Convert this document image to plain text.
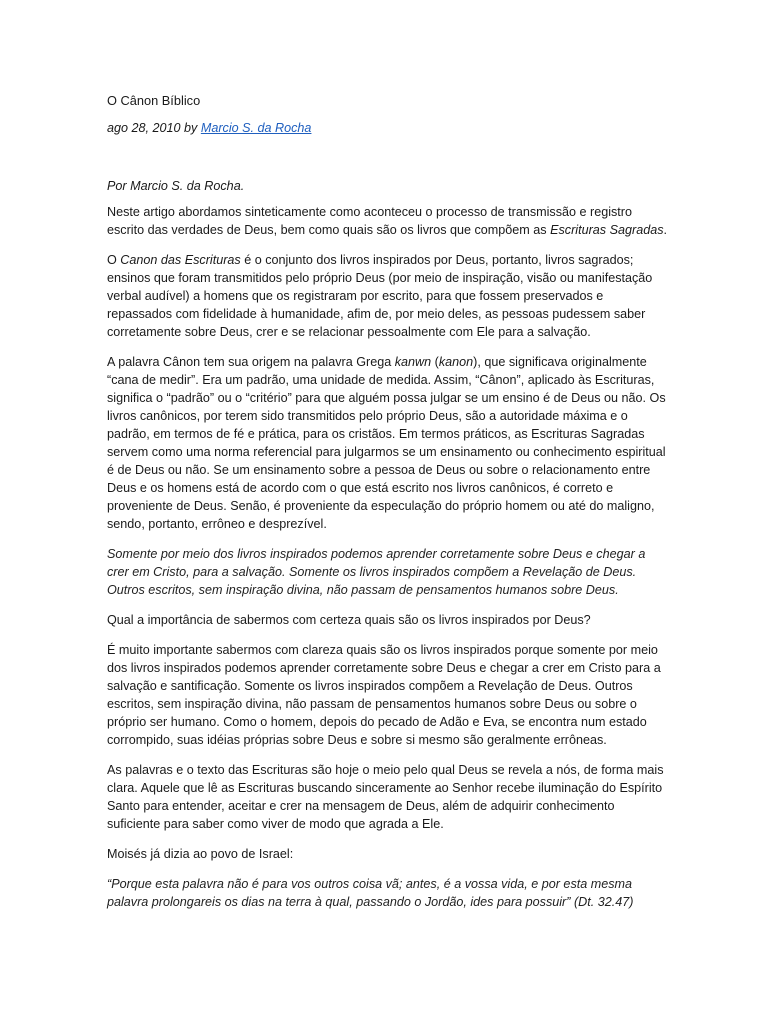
O Cânon Bíblico
ago 28, 2010 by Marcio S. da Rocha

Por Marcio S. da Rocha.

Neste artigo abordamos sinteticamente como aconteceu o processo de transmissão e registro escrito das verdades de Deus, bem como quais são os livros que compõem as Escrituras Sagradas.

O Canon das Escrituras é o conjunto dos livros inspirados por Deus, portanto, livros sagrados; ensinos que foram transmitidos pelo próprio Deus (por meio de inspiração, visão ou manifestação verbal audível) a homens que os registraram por escrito, para que fossem preservados e repassados com fidelidade à humanidade, afim de, por meio deles, as pessoas pudessem saber corretamente sobre Deus, crer e se relacionar pessoalmente com Ele para a salvação.

A palavra Cânon tem sua origem na palavra Grega kanwn (kanon), que significava originalmente “cana de medir”. Era um padrão, uma unidade de medida. Assim, “Cânon”, aplicado às Escrituras, significa o “padrão” ou o “critério” para que alguém possa julgar se um ensino é de Deus ou não. Os livros canônicos, por terem sido transmitidos pelo próprio Deus, são a autoridade máxima e o padrão, em termos de fé e prática, para os cristãos. Em termos práticos, as Escrituras Sagradas servem como uma norma referencial para julgarmos se um ensinamento ou conhecimento espiritual é de Deus ou não. Se um ensinamento sobre a pessoa de Deus ou sobre o relacionamento entre Deus e os homens está de acordo com o que está escrito nos livros canônicos, é correto e proveniente de Deus. Senão, é proveniente da especulação do próprio homem ou até do maligno, sendo, portanto, errôneo e desprezível.

Somente por meio dos livros inspirados podemos aprender corretamente sobre Deus e chegar a crer em Cristo, para a salvação. Somente os livros inspirados compõem a Revelação de Deus. Outros escritos, sem inspiração divina, não passam de pensamentos humanos sobre Deus.

Qual a importância de sabermos com certeza quais são os livros inspirados por Deus?

É muito importante sabermos com clareza quais são os livros inspirados porque somente por meio dos livros inspirados podemos aprender corretamente sobre Deus e chegar a crer em Cristo para a salvação e santificação. Somente os livros inspirados compõem a Revelação de Deus. Outros escritos, sem inspiração divina, não passam de pensamentos humanos sobre Deus ou sobre o próprio ser humano. Como o homem, depois do pecado de Adão e Eva, se encontra num estado corrompido, suas idéias próprias sobre Deus e sobre si mesmo são geralmente errôneas.

As palavras e o texto das Escrituras são hoje o meio pelo qual Deus se revela a nós, de forma mais clara. Aquele que lê as Escrituras buscando sinceramente ao Senhor recebe iluminação do Espírito Santo para entender, aceitar e crer na mensagem de Deus, além de adquirir conhecimento suficiente para saber como viver de modo que agrada a Ele.

Moisés já dizia ao povo de Israel:

“Porque esta palavra não é para vos outros coisa vã; antes, é a vossa vida, e por esta mesma palavra prolongareis os dias na terra à qual, passando o Jordão, ides para possuir” (Dt. 32.47)
